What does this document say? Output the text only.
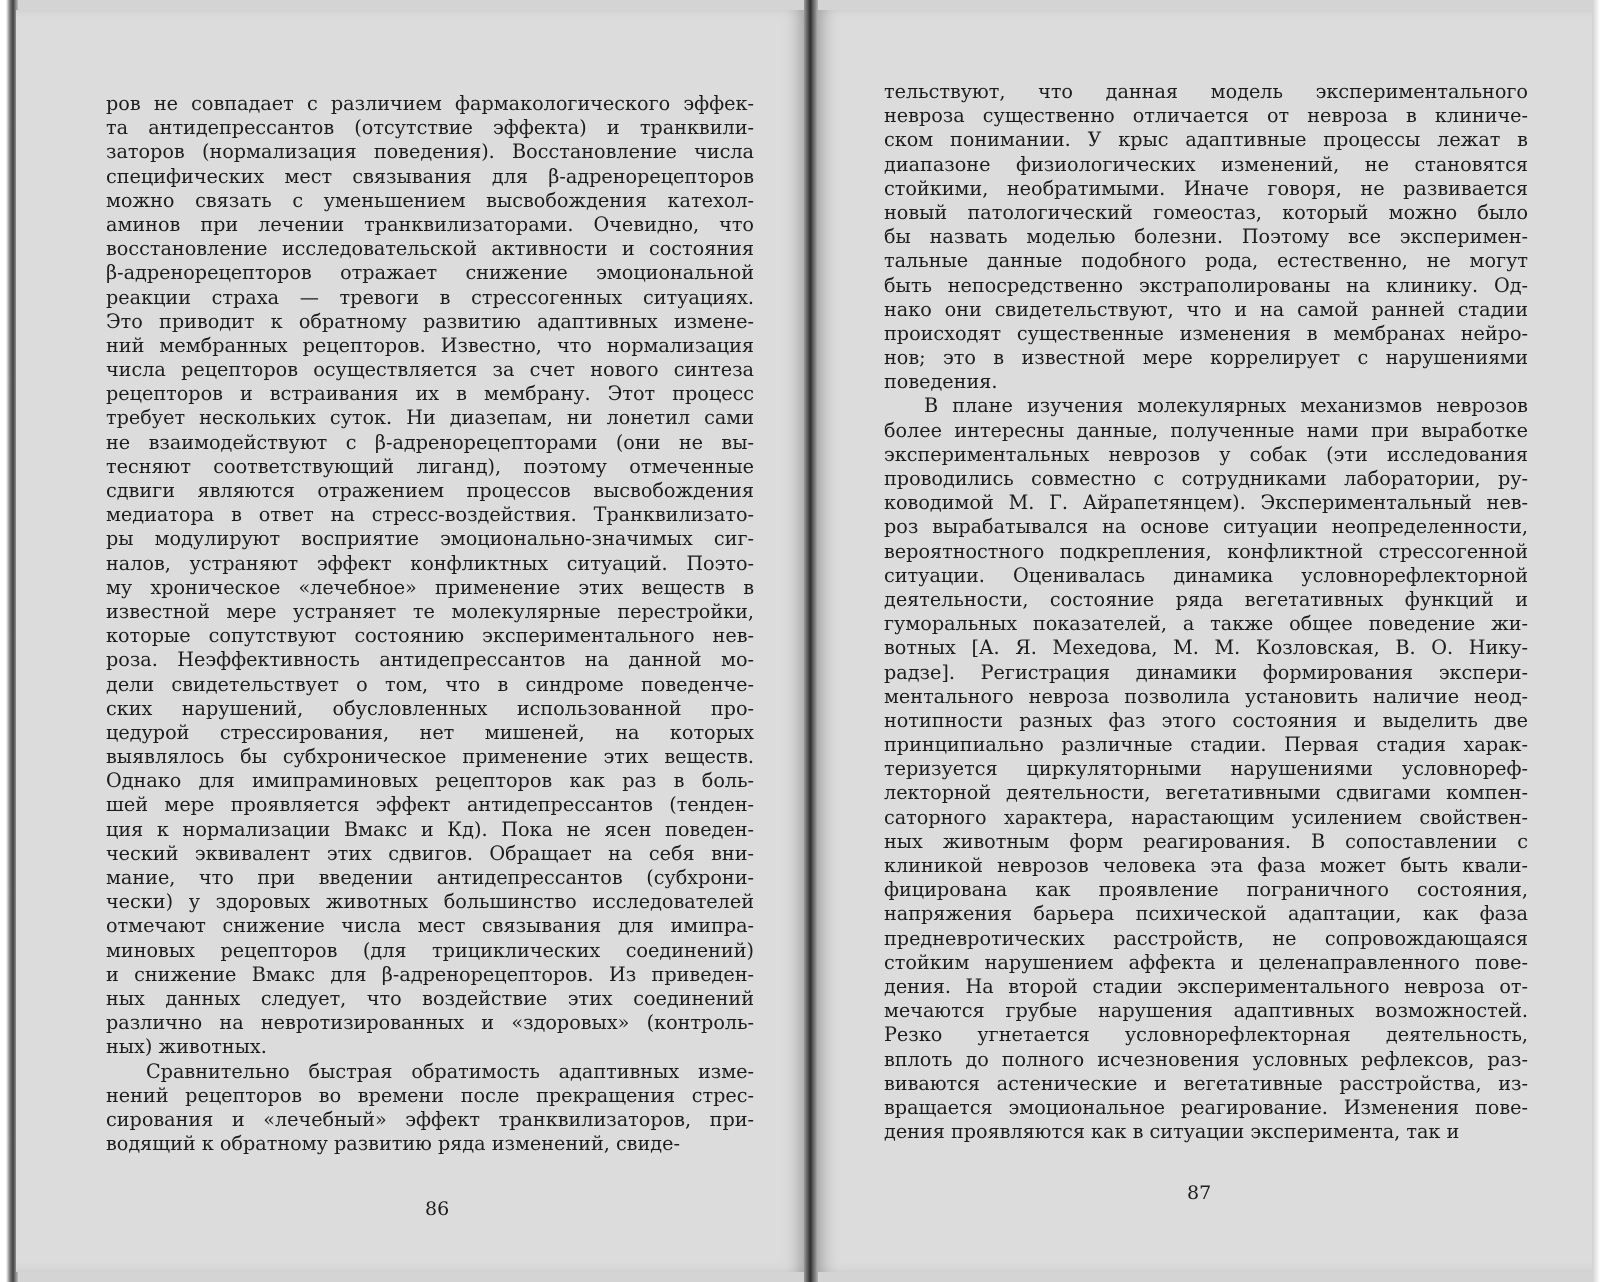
ров не совпадает с различием фармакологического эффек-
та антидепрессантов (отсутствие эффекта) и транквили-
заторов (нормализация поведения). Восстановление числа
специфических мест связывания для β-адренорецепторов
можно связать с уменьшением высвобождения катехол-
аминов при лечении транквилизаторами. Очевидно, что
восстановление исследовательской активности и состояния
β-адренорецепторов отражает снижение эмоциональной
реакции страха — тревоги в стрессогенных ситуациях.
Это приводит к обратному развитию адаптивных измене-
ний мембранных рецепторов. Известно, что нормализация
числа рецепторов осуществляется за счет нового синтеза
рецепторов и встраивания их в мембрану. Этот процесс
требует нескольких суток. Ни диазепам, ни лонетил сами
не взаимодействуют с β-адренорецепторами (они не вы-
тесняют соответствующий лиганд), поэтому отмеченные
сдвиги являются отражением процессов высвобождения
медиатора в ответ на стресс-воздействия. Транквилизато-
ры модулируют восприятие эмоционально-значимых сиг-
налов, устраняют эффект конфликтных ситуаций. Поэто-
му хроническое «лечебное» применение этих веществ в
известной мере устраняет те молекулярные перестройки,
которые сопутствуют состоянию экспериментального нев-
роза. Неэффективность антидепрессантов на данной мо-
дели свидетельствует о том, что в синдроме поведенче-
ских нарушений, обусловленных использованной про-
цедурой стрессирования, нет мишеней, на которых
выявлялось бы субхроническое применение этих веществ.
Однако для имипраминовых рецепторов как раз в боль-
шей мере проявляется эффект антидепрессантов (тенден-
ция к нормализации Вмакс и Кд). Пока не ясен поведен-
ческий эквивалент этих сдвигов. Обращает на себя вни-
мание, что при введении антидепрессантов (субхрони-
чески) у здоровых животных большинство исследователей
отмечают снижение числа мест связывания для имипра-
миновых рецепторов (для трициклических соединений)
и снижение Вмакс для β-адренорецепторов. Из приведен-
ных данных следует, что воздействие этих соединений
различно на невротизированных и «здоровых» (контроль-
ных) животных.
Сравнительно быстрая обратимость адаптивных изме-
нений рецепторов во времени после прекращения стрес-
сирования и «лечебный» эффект транквилизаторов, при-
водящий к обратному развитию ряда изменений, свиде-
тельствуют, что данная модель экспериментального
невроза существенно отличается от невроза в клиниче-
ском понимании. У крыс адаптивные процессы лежат в
диапазоне физиологических изменений, не становятся
стойкими, необратимыми. Иначе говоря, не развивается
новый патологический гомеостаз, который можно было
бы назвать моделью болезни. Поэтому все эксперимен-
тальные данные подобного рода, естественно, не могут
быть непосредственно экстраполированы на клинику. Од-
нако они свидетельствуют, что и на самой ранней стадии
происходят существенные изменения в мембранах нейро-
нов; это в известной мере коррелирует с нарушениями
поведения.
В плане изучения молекулярных механизмов неврозов
более интересны данные, полученные нами при выработке
экспериментальных неврозов у собак (эти исследования
проводились совместно с сотрудниками лаборатории, ру-
ководимой М. Г. Айрапетянцем). Экспериментальный нев-
роз вырабатывался на основе ситуации неопределенности,
вероятностного подкрепления, конфликтной стрессогенной
ситуации. Оценивалась динамика условнорефлекторной
деятельности, состояние ряда вегетативных функций и
гуморальных показателей, а также общее поведение жи-
вотных [А. Я. Мехедова, М. М. Козловская, В. О. Нику-
радзе]. Регистрация динамики формирования экспери-
ментального невроза позволила установить наличие неод-
нотипности разных фаз этого состояния и выделить две
принципиально различные стадии. Первая стадия харак-
теризуется циркуляторными нарушениями условнореф-
лекторной деятельности, вегетативными сдвигами компен-
саторного характера, нарастающим усилением свойствен-
ных животным форм реагирования. В сопоставлении с
клиникой неврозов человека эта фаза может быть квали-
фицирована как проявление пограничного состояния,
напряжения барьера психической адаптации, как фаза
предневротических расстройств, не сопровождающаяся
стойким нарушением аффекта и целенаправленного пове-
дения. На второй стадии экспериментального невроза от-
мечаются грубые нарушения адаптивных возможностей.
Резко угнетается условнорефлекторная деятельность,
вплоть до полного исчезновения условных рефлексов, раз-
виваются астенические и вегетативные расстройства, из-
вращается эмоциональное реагирование. Изменения пове-
дения проявляются как в ситуации эксперимента, так и
86
87
